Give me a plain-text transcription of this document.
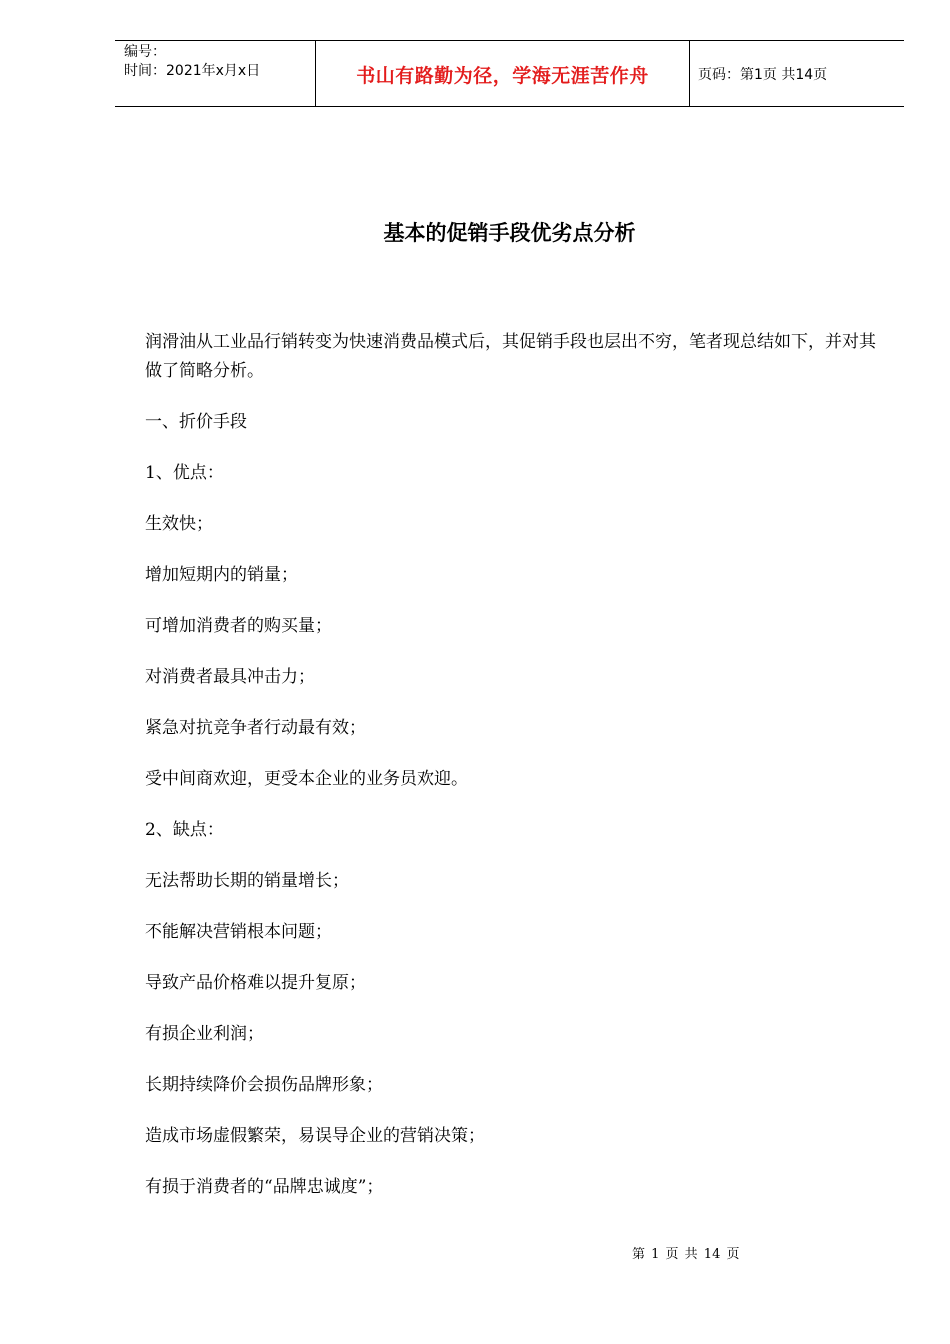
编号：
时间：2021年x月x日	书山有路勤为径，学海无涯苦作舟	页码：第1页 共14页
基本的促销手段优劣点分析

润滑油从工业品行销转变为快速消费品模式后，其促销手段也层出不穷，笔者现总结如下，并对其做了简略分析。

一、折价手段

1、优点：

生效快；

增加短期内的销量；

可增加消费者的购买量；

对消费者最具冲击力；

紧急对抗竞争者行动最有效；

受中间商欢迎，更受本企业的业务员欢迎。

2、缺点：

无法帮助长期的销量增长；

不能解决营销根本问题；

导致产品价格难以提升复原；

有损企业利润；

长期持续降价会损伤品牌形象；

造成市场虚假繁荣，易误导企业的营销决策；

有损于消费者的“品牌忠诚度”；

第 1 页 共 14 页
